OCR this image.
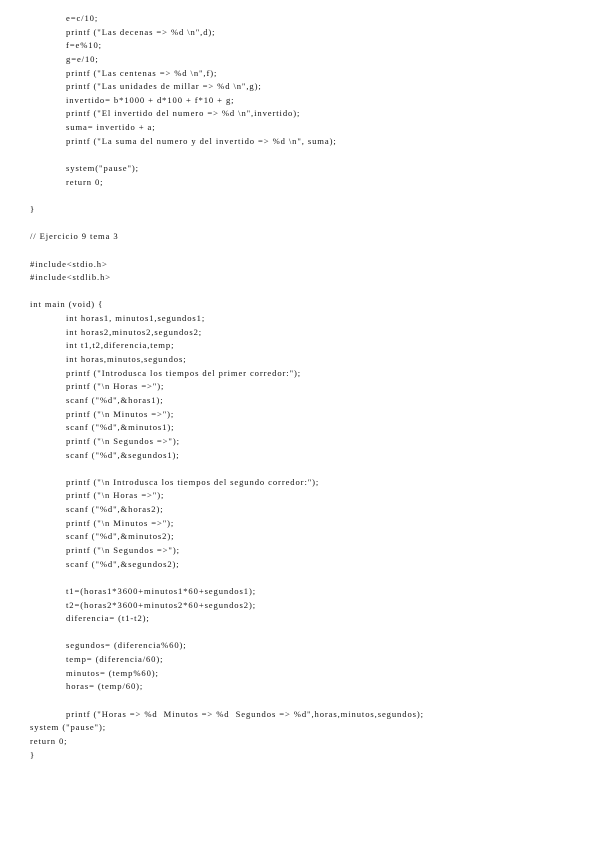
e=c/10;
printf ("Las decenas => %d \n",d);
f=e%10;
g=e/10;
printf ("Las centenas => %d \n",f);
printf ("Las unidades de millar => %d \n",g);
invertido= b*1000 + d*100 + f*10 + g;
printf ("El invertido del numero => %d \n",invertido);
suma= invertido + a;
printf ("La suma del numero y del invertido => %d \n", suma);
system("pause");
return 0;
}
// Ejercicio 9 tema 3
#include<stdio.h>
#include<stdlib.h>
int main (void) {
int horas1, minutos1,segundos1;
int horas2,minutos2,segundos2;
int t1,t2,diferencia,temp;
int horas,minutos,segundos;
printf ("Introdusca los tiempos del primer corredor:");
printf ("\n Horas =>");
scanf ("%d",&horas1);
printf ("\n Minutos =>");
scanf ("%d",&minutos1);
printf ("\n Segundos =>");
scanf ("%d",&segundos1);
printf ("\n Introdusca los tiempos del segundo corredor:");
printf ("\n Horas =>");
scanf ("%d",&horas2);
printf ("\n Minutos =>");
scanf ("%d",&minutos2);
printf ("\n Segundos =>");
scanf ("%d",&segundos2);
t1=(horas1*3600+minutos1*60+segundos1);
t2=(horas2*3600+minutos2*60+segundos2);
diferencia= (t1-t2);
segundos= (diferencia%60);
temp= (diferencia/60);
minutos= (temp%60);
horas= (temp/60);
printf ("Horas => %d  Minutos => %d  Segundos => %d",horas,minutos,segundos);
system ("pause");
return 0;
}
